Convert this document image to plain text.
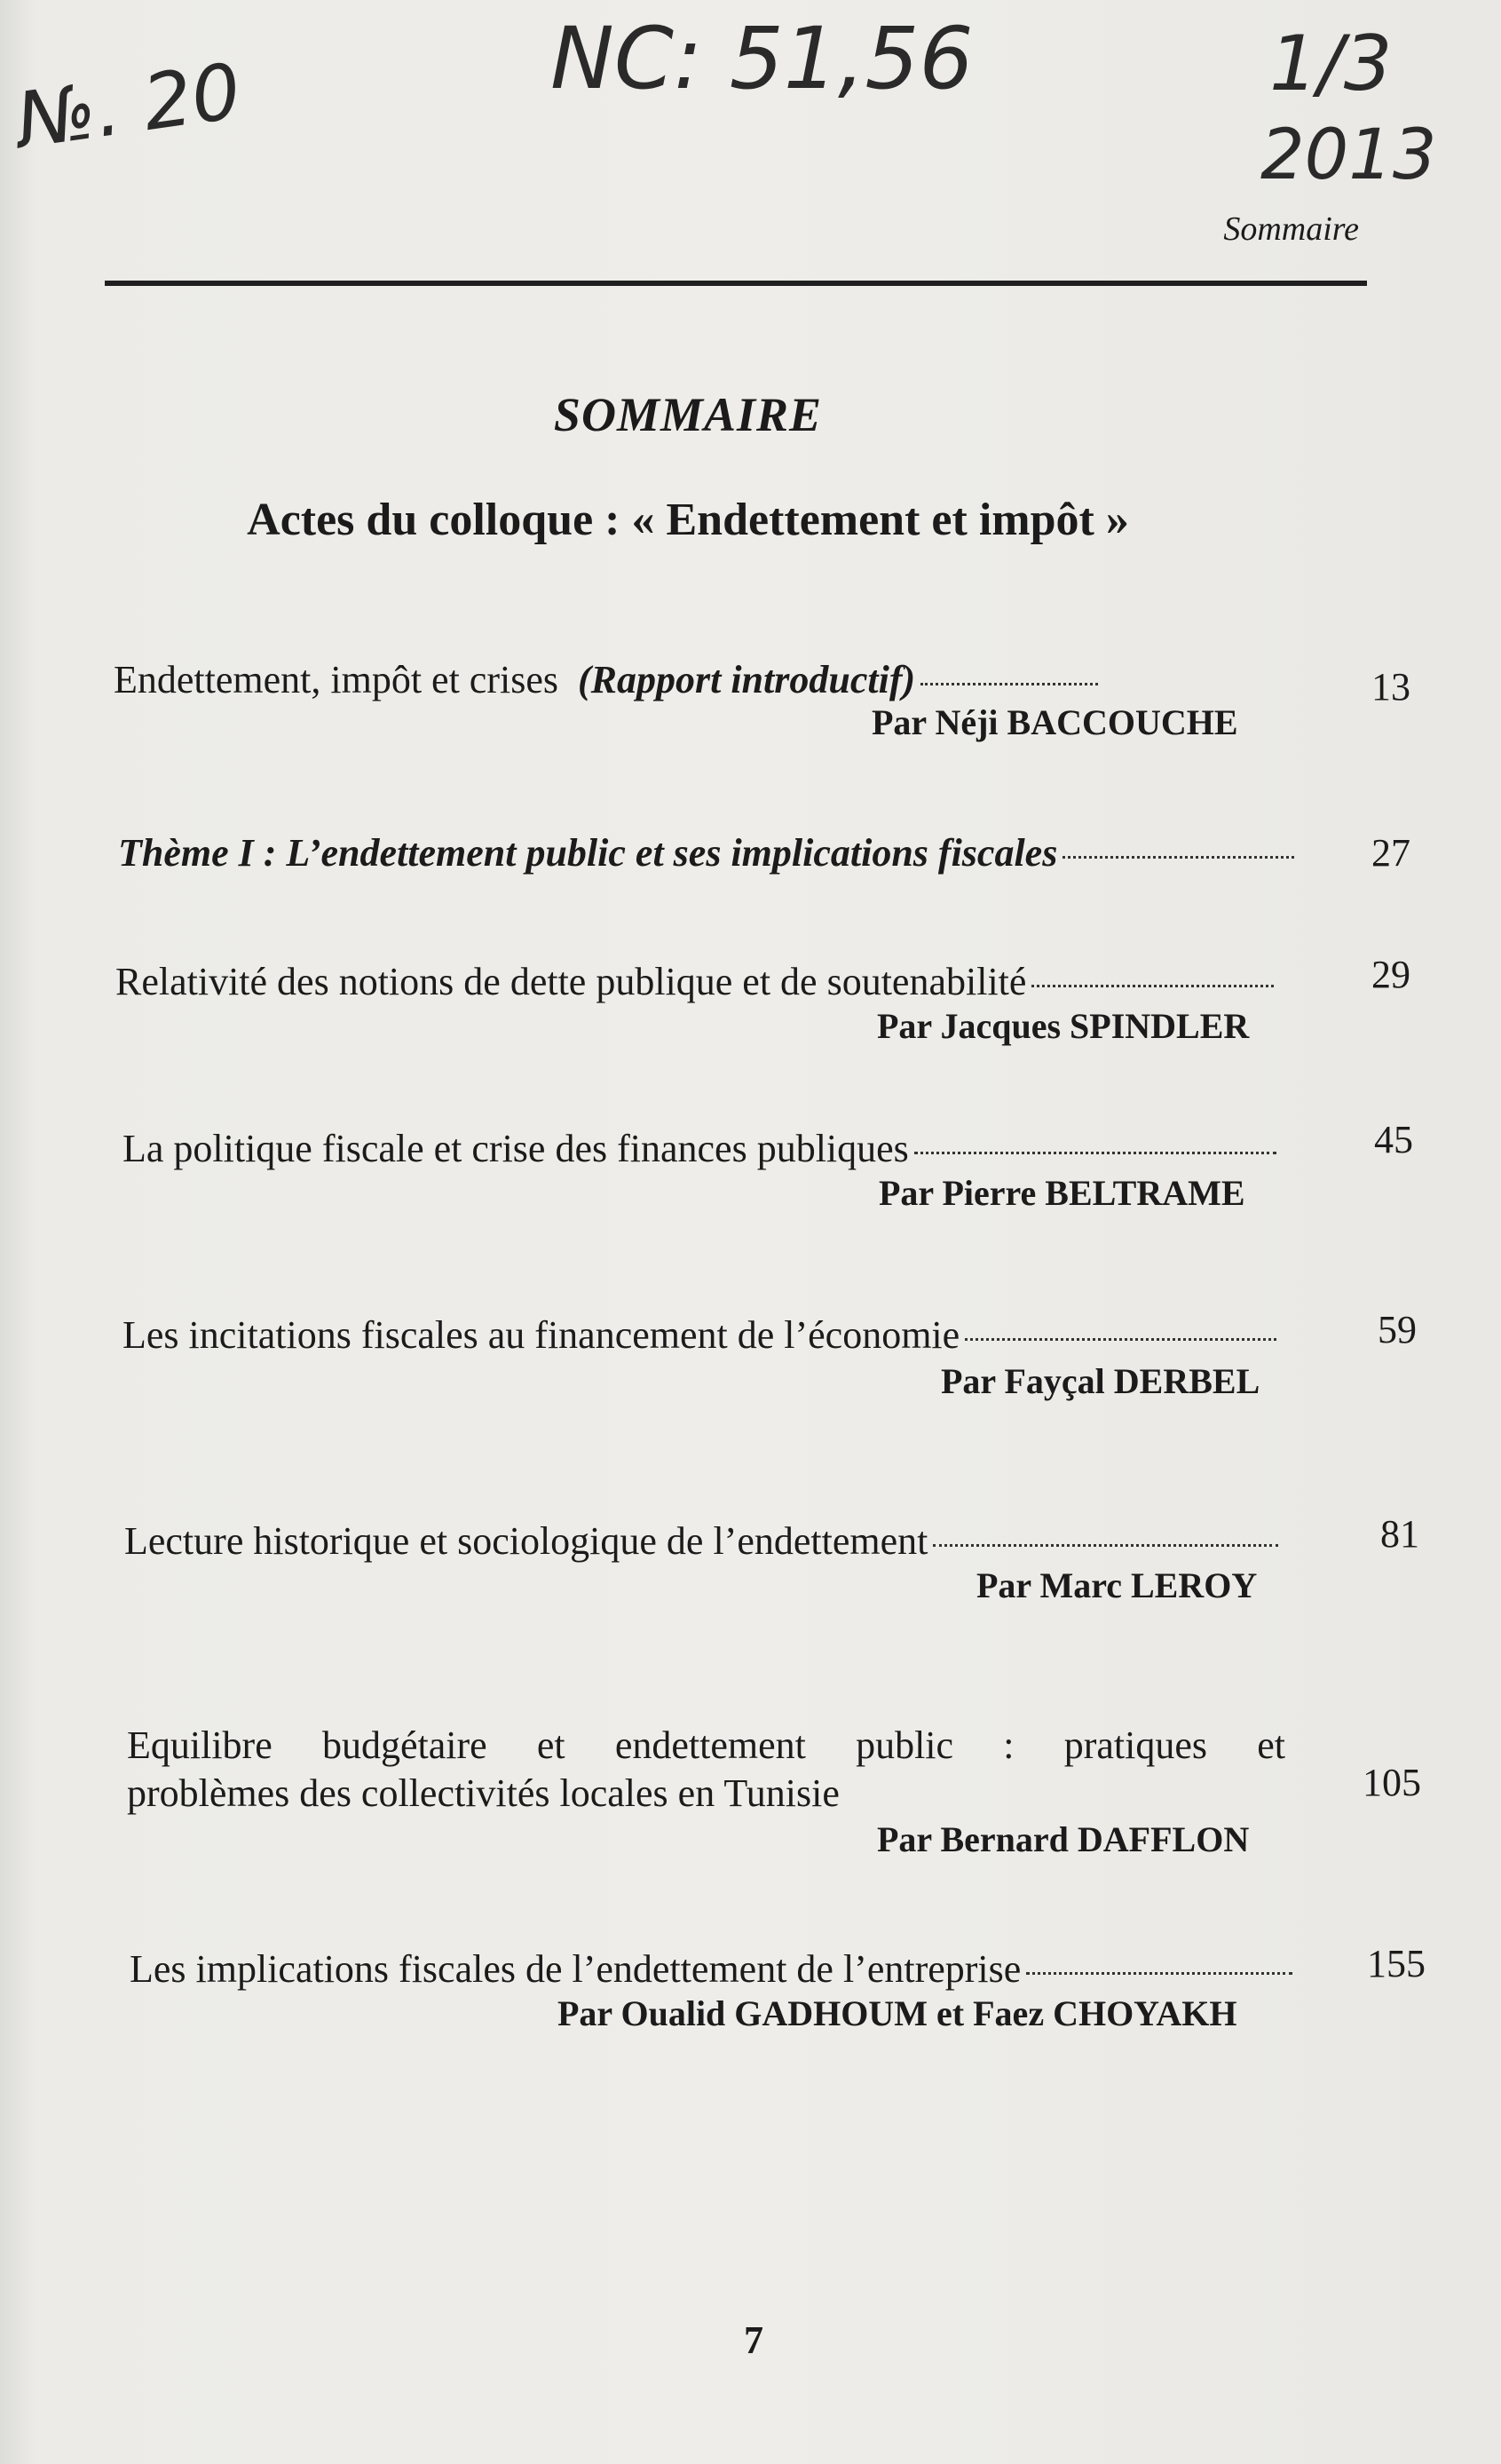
№. 20	NC: 51,56	1/3
2013
Sommaire
SOMMAIRE
Actes du colloque : « Endettement et impôt »
Endettement, impôt et crises (Rapport introductif)	13
Par Néji BACCOUCHE
Thème I : L’endettement public et ses implications fiscales	27
Relativité des notions de dette publique et de soutenabilité	29
Par Jacques SPINDLER
La politique fiscale et crise des finances publiques	45
Par Pierre BELTRAME
Les incitations fiscales au financement de l’économie	59
Par Fayçal DERBEL
Lecture historique et sociologique de l’endettement	81
Par Marc LEROY
Equilibre budgétaire et endettement public : pratiques et
problèmes des collectivités locales en Tunisie	105
Par Bernard DAFFLON
Les implications fiscales de l’endettement de l’entreprise	155
Par Oualid GADHOUM et Faez CHOYAKH
7
